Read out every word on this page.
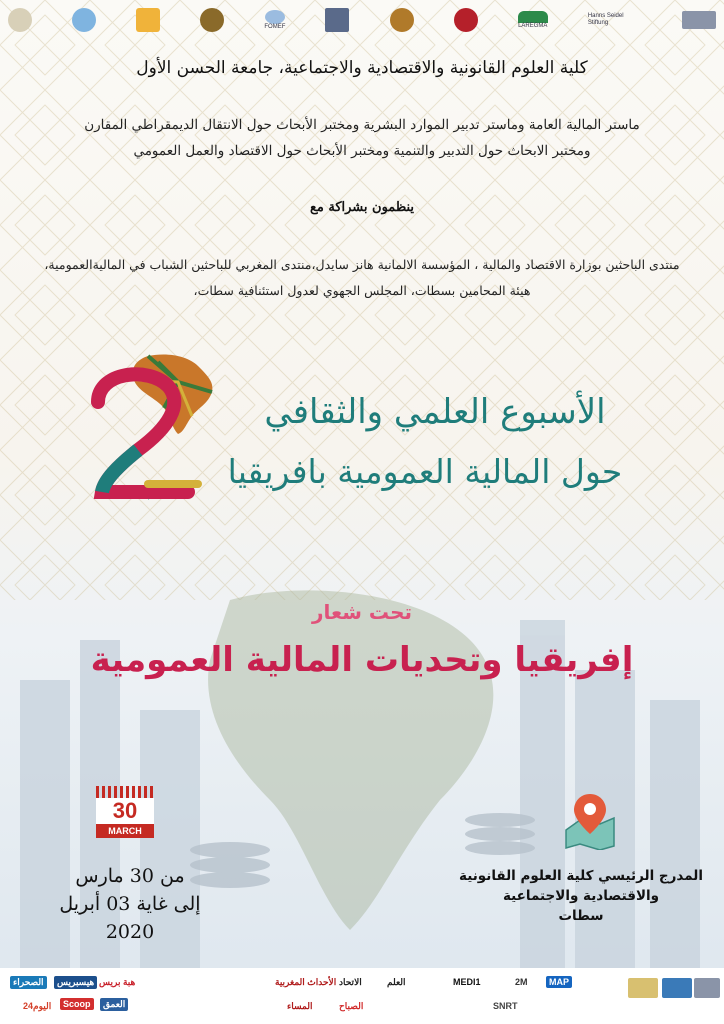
FOMEF	LAREGMA
Hanns Seidel Stiftung
كلية العلوم القانونية والاقتصادية والاجتماعية، جامعة الحسن الأول
ماستر المالية العامة وماستر تدبير الموارد البشرية ومختبر الأبحاث حول الانتقال الديمقراطي المقارن
ومختبر الابحاث حول التدبير والتنمية ومختبر الأبحاث حول الاقتصاد والعمل العمومي
ينظمون بشراكة مع
منتدى الباحثين بوزارة الاقتصاد والمالية ، المؤسسة الالمانية هانز سايدل،منتدى المغربي للباحثين الشباب في الماليةالعمومية،
هيئة المحامين بسطات، المجلس الجهوي لعدول استئنافية سطات،
2
الأسبوع العلمي والثقافي
حول المالية العمومية بافريقيا
تحت شعار
إفريقيا وتحديات المالية العمومية
30
MARCH
من 30 مارس
إلى غاية 03 أبريل
2020
المدرج الرئيسي كلية العلوم القانونية
والاقتصادية والاجتماعية
سطات
الصحراء	هيسبريس هبة بريس
اليوم24	Scoop	العمق
الأحداث المغربية الاتحاد	العلم
المساء	الصباح
MEDI1	2M	MAP
SNRT
